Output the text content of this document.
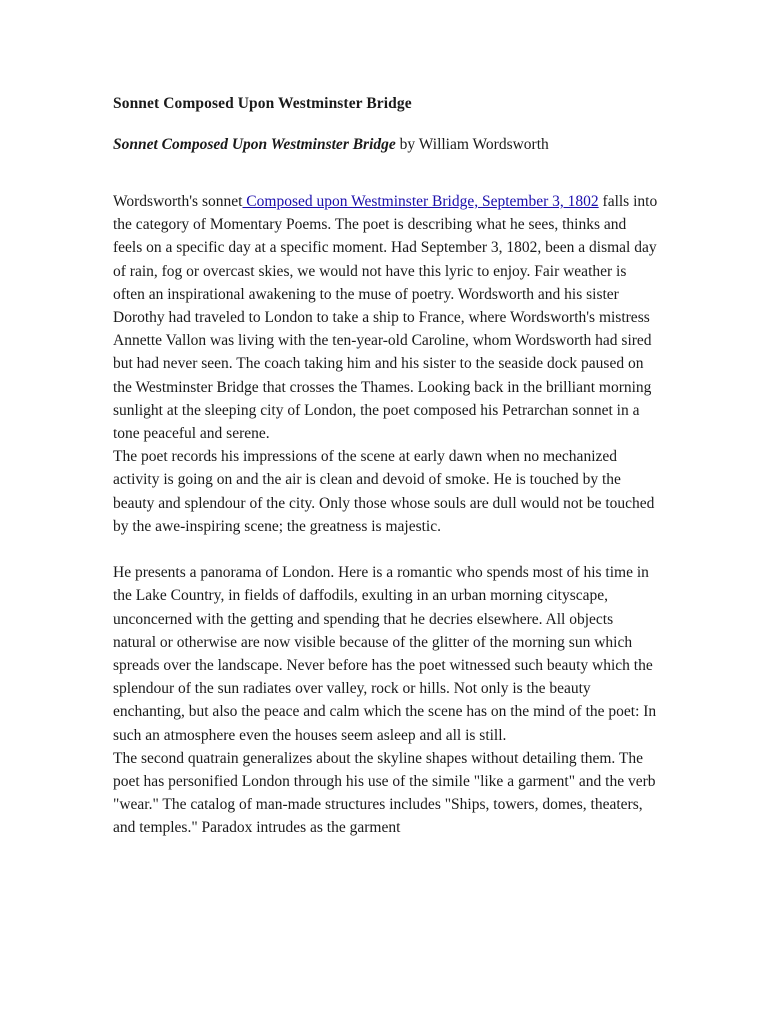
Sonnet Composed Upon Westminster Bridge

Sonnet Composed Upon Westminster Bridge by William Wordsworth

Wordsworth's sonnet Composed upon Westminster Bridge, September 3, 1802 falls into the category of Momentary Poems. The poet is describing what he sees, thinks and feels on a specific day at a specific moment. Had September 3, 1802, been a dismal day of rain, fog or overcast skies, we would not have this lyric to enjoy. Fair weather is often an inspirational awakening to the muse of poetry. Wordsworth and his sister Dorothy had traveled to London to take a ship to France, where Wordsworth's mistress Annette Vallon was living with the ten-year-old Caroline, whom Wordsworth had sired but had never seen. The coach taking him and his sister to the seaside dock paused on the Westminster Bridge that crosses the Thames. Looking back in the brilliant morning sunlight at the sleeping city of London, the poet composed his Petrarchan sonnet in a tone peaceful and serene.

The poet records his impressions of the scene at early dawn when no mechanized activity is going on and the air is clean and devoid of smoke. He is touched by the beauty and splendour of the city. Only those whose souls are dull would not be touched by the awe-inspiring scene; the greatness is majestic.

He presents a panorama of London. Here is a romantic who spends most of his time in the Lake Country, in fields of daffodils, exulting in an urban morning cityscape, unconcerned with the getting and spending that he decries elsewhere. All objects natural or otherwise are now visible because of the glitter of the morning sun which spreads over the landscape. Never before has the poet witnessed such beauty which the splendour of the sun radiates over valley, rock or hills. Not only is the beauty enchanting, but also the peace and calm which the scene has on the mind of the poet: In such an atmosphere even the houses seem asleep and all is still.

The second quatrain generalizes about the skyline shapes without detailing them. The poet has personified London through his use of the simile "like a garment" and the verb "wear." The catalog of man-made structures includes "Ships, towers, domes, theaters, and temples." Paradox intrudes as the garment
